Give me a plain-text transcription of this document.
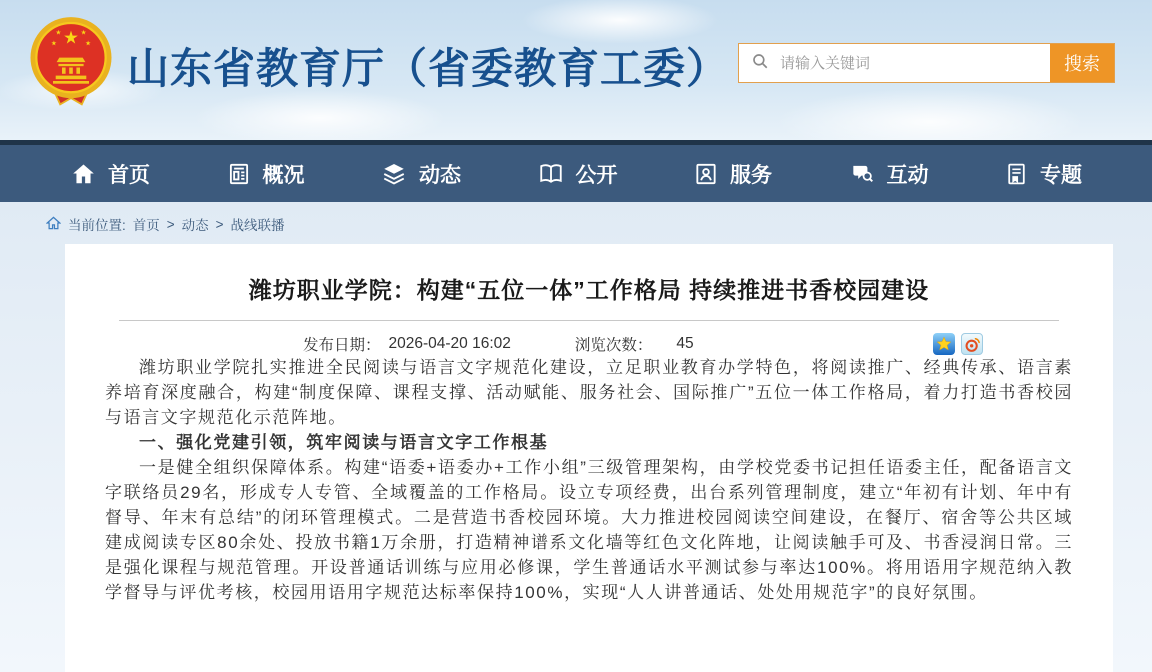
山东省教育厅（省委教育工委）
请输入关键词	搜索
首页	概况	动态	公开	服务	互动	专题
当前位置: 首页 > 动态 > 战线联播
潍坊职业学院：构建“五位一体”工作格局 持续推进书香校园建设
发布日期： 2026-04-20 16:02	浏览次数： 45

潍坊职业学院扎实推进全民阅读与语言文字规范化建设，立足职业教育办学特色，将阅读推广、经典传承、语言素养培育深度融合，构建“制度保障、课程支撑、活动赋能、服务社会、国际推广”五位一体工作格局，着力打造书香校园与语言文字规范化示范阵地。

一、强化党建引领，筑牢阅读与语言文字工作根基

一是健全组织保障体系。构建“语委+语委办+工作小组”三级管理架构，由学校党委书记担任语委主任，配备语言文字联络员29名，形成专人专管、全域覆盖的工作格局。设立专项经费，出台系列管理制度，建立“年初有计划、年中有督导、年末有总结”的闭环管理模式。二是营造书香校园环境。大力推进校园阅读空间建设，在餐厅、宿舍等公共区域建成阅读专区80余处、投放书籍1万余册，打造精神谱系文化墙等红色文化阵地，让阅读触手可及、书香浸润日常。三是强化课程与规范管理。开设普通话训练与应用必修课，学生普通话水平测试参与率达100%。将用语用字规范纳入教学督导与评优考核，校园用语用字规范达标率保持100%，实现“人人讲普通话、处处用规范字”的良好氛围。
